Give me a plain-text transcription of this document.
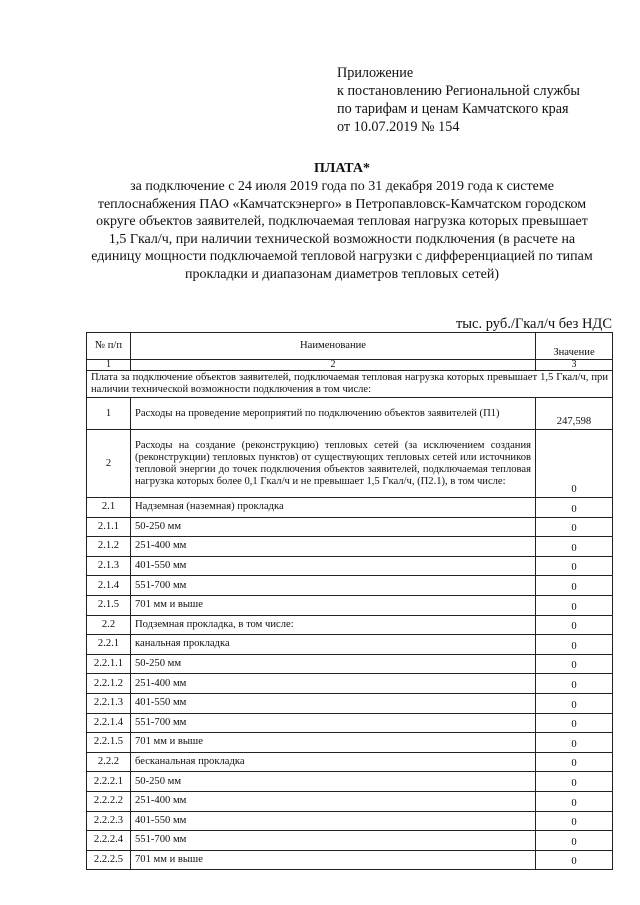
Приложение
к постановлению Региональной службы
по тарифам и ценам Камчатского края
от 10.07.2019 № 154
ПЛАТА*
за подключение с 24 июля 2019 года по 31 декабря 2019 года к системе теплоснабжения ПАО «Камчатскэнерго» в Петропавловск-Камчатском городском округе объектов заявителей, подключаемая тепловая нагрузка которых превышает 1,5 Гкал/ч, при наличии технической возможности подключения (в расчете на единицу мощности подключаемой тепловой нагрузки с дифференциацией по типам прокладки и диапазонам диаметров тепловых сетей)
тыс. руб./Гкал/ч без НДС
№ п/п	Наименование	Значение
1	2	3
Плата за подключение объектов заявителей, подключаемая тепловая нагрузка которых превышает 1,5 Гкал/ч, при наличии технической возможности подключения в том числе:		
1	Расходы на проведение мероприятий по подключению объектов заявителей (П1)	247,598
2	Расходы на создание (реконструкцию) тепловых сетей (за исключением создания (реконструкции) тепловых пунктов) от существующих тепловых сетей или источников тепловой энергии до точек подключения объектов заявителей, подключаемая тепловая нагрузка которых более 0,1 Гкал/ч и не превышает 1,5 Гкал/ч, (П2.1), в том числе:	0
2.1	Надземная (наземная) прокладка	0
2.1.1	50-250 мм	0
2.1.2	251-400 мм	0
2.1.3	401-550 мм	0
2.1.4	551-700 мм	0
2.1.5	701 мм и выше	0
2.2	Подземная прокладка, в том числе:	0
2.2.1	канальная прокладка	0
2.2.1.1	50-250 мм	0
2.2.1.2	251-400 мм	0
2.2.1.3	401-550 мм	0
2.2.1.4	551-700 мм	0
2.2.1.5	701 мм и выше	0
2.2.2	бесканальная прокладка	0
2.2.2.1	50-250 мм	0
2.2.2.2	251-400 мм	0
2.2.2.3	401-550 мм	0
2.2.2.4	551-700 мм	0
2.2.2.5	701 мм и выше	0
